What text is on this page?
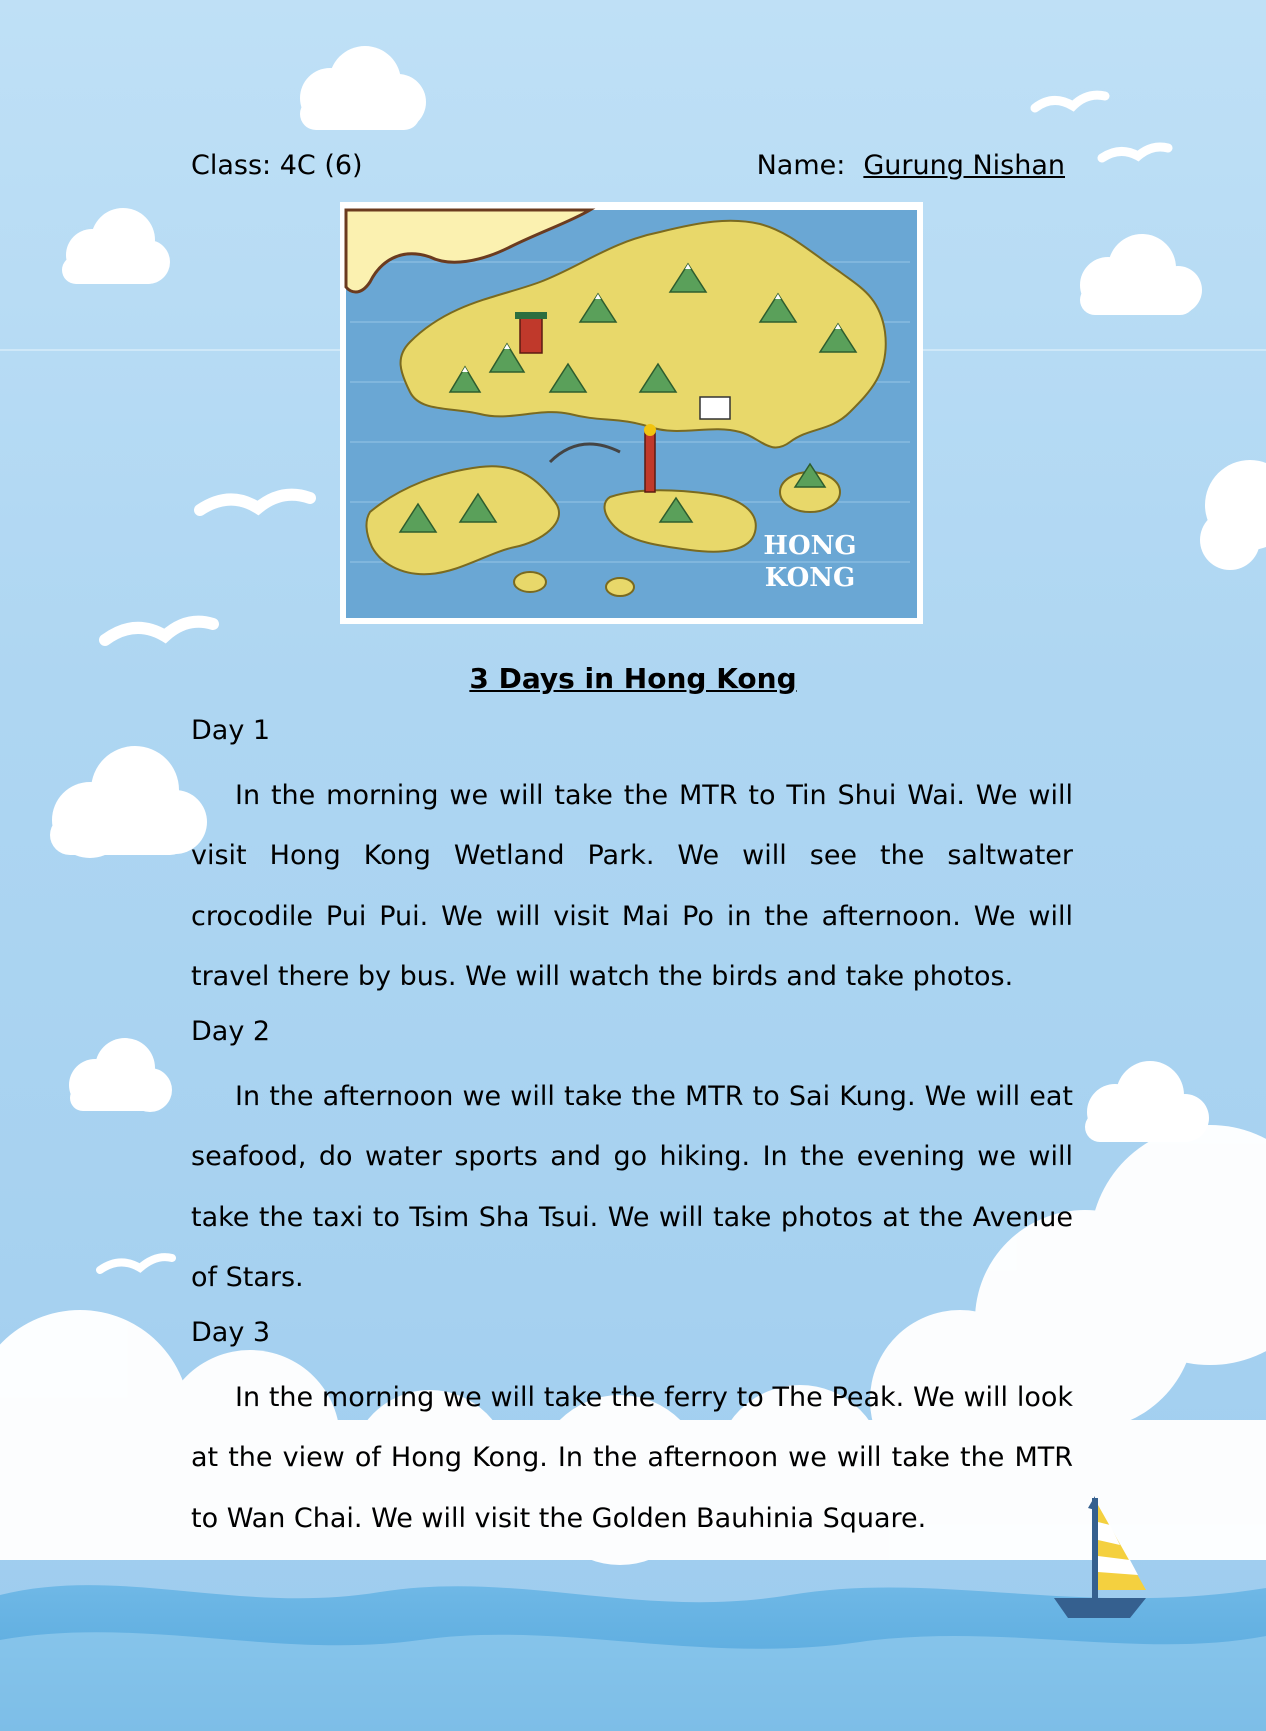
Class: 4C (6)	Name: Gurung Nishan
HONG
KONG
3 Days in Hong Kong
Day 1
In the morning we will take the MTR to Tin Shui Wai. We will visit Hong Kong Wetland Park. We will see the saltwater crocodile Pui Pui. We will visit Mai Po in the afternoon. We will travel there by bus. We will watch the birds and take photos.
Day 2
In the afternoon we will take the MTR to Sai Kung. We will eat seafood, do water sports and go hiking. In the evening we will take the taxi to Tsim Sha Tsui. We will take photos at the Avenue of Stars.
Day 3
In the morning we will take the ferry to The Peak. We will look at the view of Hong Kong. In the afternoon we will take the MTR to Wan Chai. We will visit the Golden Bauhinia Square.
